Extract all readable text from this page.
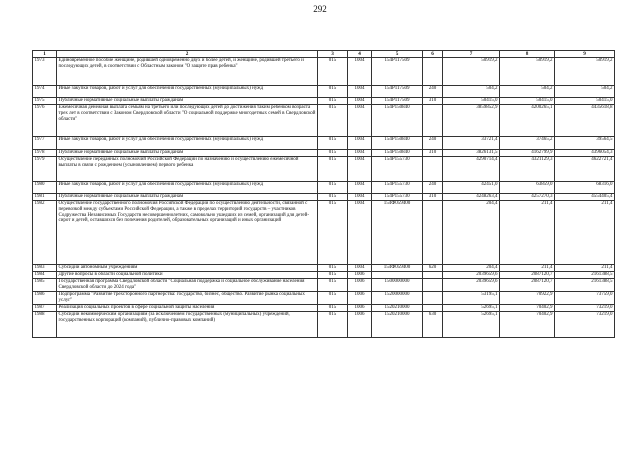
292
1	2	3	4	5	6	7	8	9
1973	Единовременное пособие женщине, родившей одновременно двух и более детей, и женщине, родившей третьего и последующих детей, в соответствии с Областным законом "О защите прав ребенка"	015	1004	154P117509		50919,2	50919,2	50919,2
1974	Иные закупки товаров, работ и услуг для обеспечения государственных (муниципальных) нужд	015	1004	154P117509	240	504,2	504,2	504,2
1975	Публичные нормативные социальные выплаты гражданам	015	1004	154P117509	310	50415,0	50415,0	50415,0
1976	Ежемесячная денежная выплата семьям на третьего или последующих детей до достижения таким ребенком возраста трех лет в соответствии с Законом Свердловской области "О социальной поддержке многодетных семей в Свердловской области"	015	1004	154P150840		3859852,9	4200265,1	4435618,8
1977	Иные закупки товаров, работ и услуг для обеспечения государственных (муниципальных) нужд	015	1004	154P150840	240	33721,4	37465,2	39564,5
1978	Публичные нормативные социальные выплаты гражданам	015	1004	154P150840	310	3826131,5	4162799,9	4396054,3
1979	Осуществление переданных полномочий Российской Федерации по назначению и осуществлению ежемесячной выплаты в связи с рождением (усыновлением) первого ребенка	015	1004	154P155730		4290714,4	4321129,3	4622721,4
1980	Иные закупки товаров, работ и услуг для обеспечения государственных (муниципальных) нужд	015	1004	154P155730	240	42451,0	63859,0	68316,0
1981	Публичные нормативные социальные выплаты гражданам	015	1004	154P155730	310	4248263,4	4257270,3	4554405,4
1982	Осуществление государственного полномочия Российской Федерации по осуществлению деятельности, связанной с перевозкой между субъектами Российской Федерации, а также в пределах территорий государств – участников Содружества Независимых Государств несовершеннолетних, самовольно ушедших из семей, организаций для детей-сирот и детей, оставшихся без попечения родителей, образовательных организаций и иных организаций	015	1004	154Ф059400		204,4	211,4	211,4
1983	Субсидии автономным учреждениям	015	1004	154Ф059400	620	204,4	211,4	211,4
1984	Другие вопросы в области социальной политики	015	1006			2039659,6	2087120,7	2161388,5
1985	Государственная программа Свердловской области "Социальная поддержка и социальное обслуживание населения Свердловской области до 2024 года"	015	1006	1500000000		2039659,6	2087120,7	2161388,5
1986	Подпрограмма "Развитие трехсторонного партнерства: государство, бизнес, общество. Развитие рынка социальных услуг"	015	1006	1520000000		53195,1	70922,9	73759,0
1987	Реализация социальных проектов в сфере социальной защиты населения	015	1006	1520210000		52695,1	70402,9	73219,0
1988	Субсидии некоммерческим организациям (за исключением государственных (муниципальных) учреждений, государственных корпораций (компаний), публично-правовых компаний)	015	1006	1520210000	630	52695,1	70402,9	73219,0
